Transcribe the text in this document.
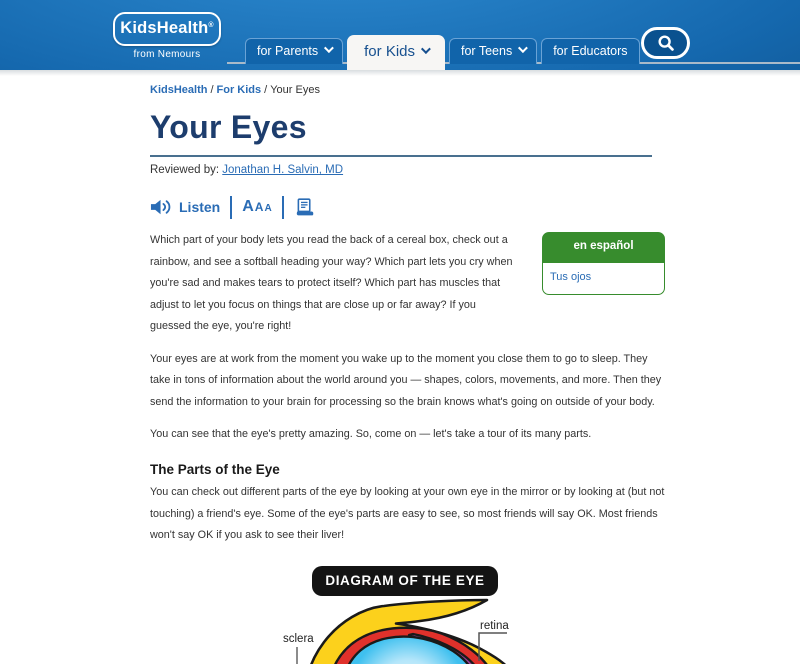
KidsHealth®
from Nemours	for Parents	for Kids	for Teens	for Educators
KidsHealth / For Kids / Your Eyes
Your Eyes
Reviewed by: Jonathan H. Salvin, MD
Listen A A A
en español
Tus ojos

Which part of your body lets you read the back of a cereal box, check out a rainbow, and see a softball heading your way? Which part lets you cry when you're sad and makes tears to protect itself? Which part has muscles that adjust to let you focus on things that are close up or far away? If you guessed the eye, you're right!

Your eyes are at work from the moment you wake up to the moment you close them to go to sleep. They take in tons of information about the world around you — shapes, colors, movements, and more. Then they send the information to your brain for processing so the brain knows what's going on outside of your body.

You can see that the eye's pretty amazing. So, come on — let's take a tour of its many parts.

The Parts of the Eye

You can check out different parts of the eye by looking at your own eye in the mirror or by looking at (but not touching) a friend's eye. Some of the eye's parts are easy to see, so most friends will say OK. Most friends won't say OK if you ask to see their liver!

DIAGRAM OF THE EYE
sclera
retina
